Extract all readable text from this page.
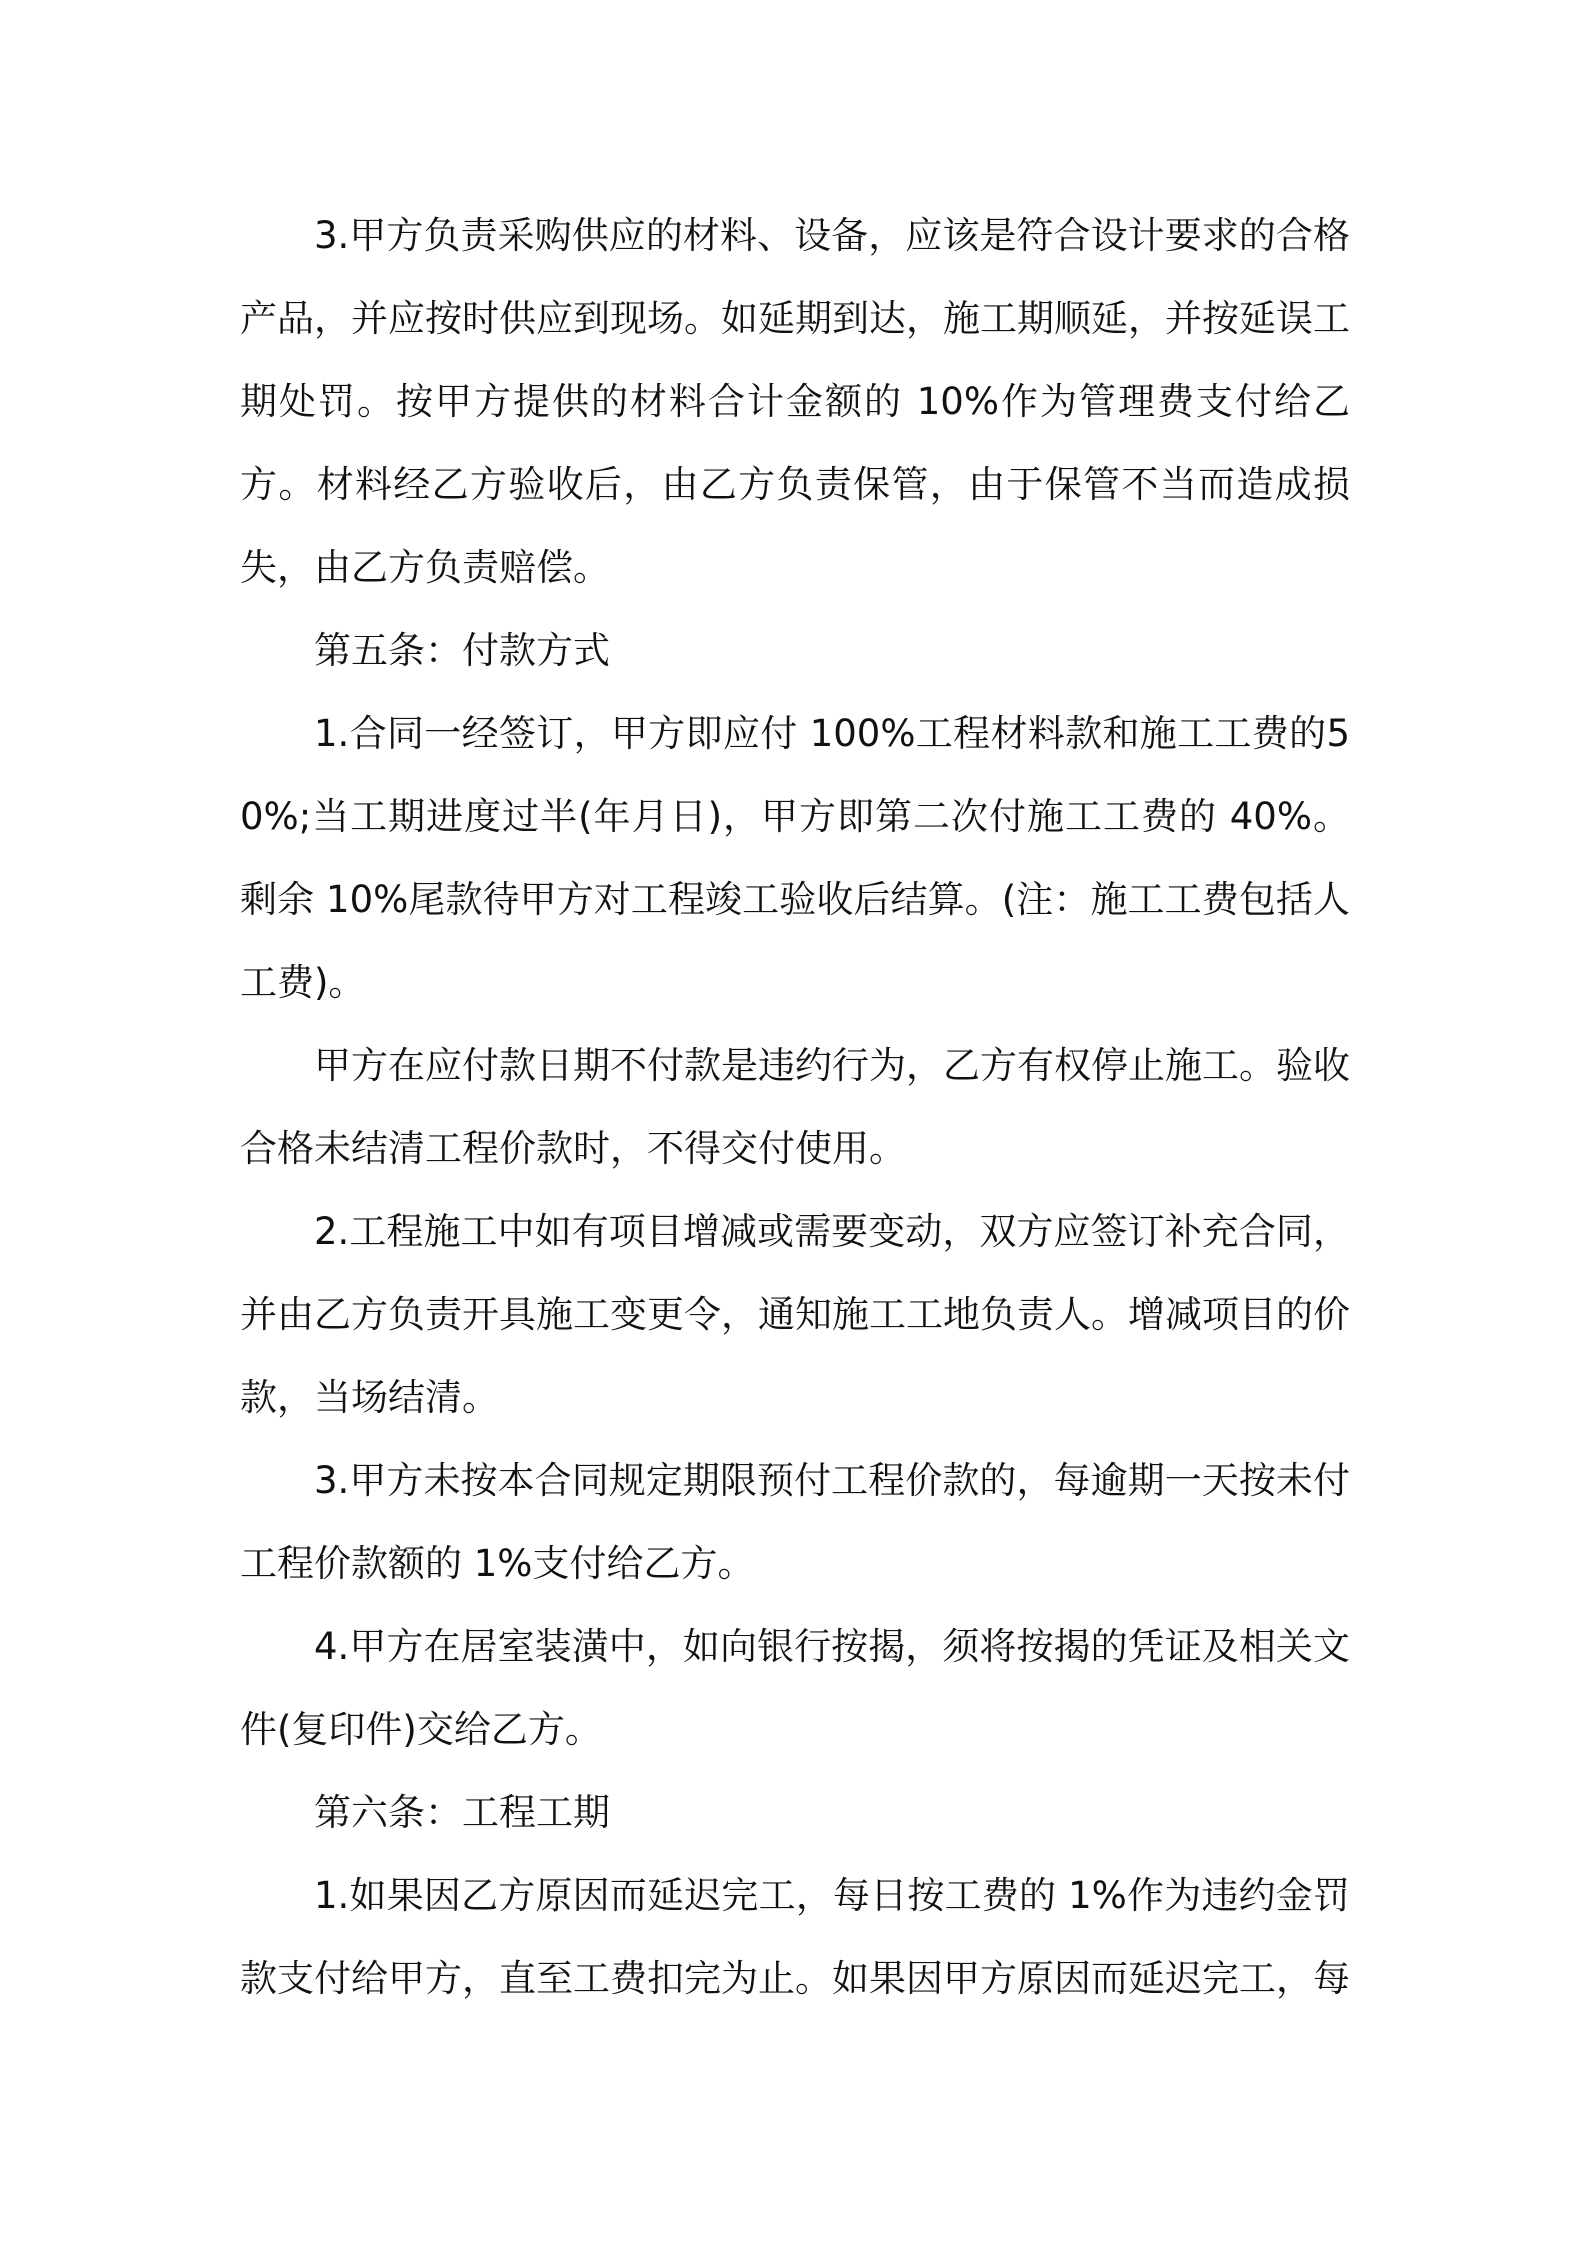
3.甲方负责采购供应的材料、设备，应该是符合设计要求的合格产品，并应按时供应到现场。如延期到达，施工期顺延，并按延误工期处罚。按甲方提供的材料合计金额的 10%作为管理费支付给乙方。材料经乙方验收后，由乙方负责保管，由于保管不当而造成损失，由乙方负责赔偿。

第五条：付款方式

1.合同一经签订，甲方即应付 100%工程材料款和施工工费的50%;当工期进度过半(年月日)，甲方即第二次付施工工费的 40%。剩余 10%尾款待甲方对工程竣工验收后结算。(注：施工工费包括人工费)。

甲方在应付款日期不付款是违约行为，乙方有权停止施工。验收合格未结清工程价款时，不得交付使用。

2.工程施工中如有项目增减或需要变动，双方应签订补充合同，并由乙方负责开具施工变更令，通知施工工地负责人。增减项目的价款，当场结清。

3.甲方未按本合同规定期限预付工程价款的，每逾期一天按未付工程价款额的 1%支付给乙方。

4.甲方在居室装潢中，如向银行按揭，须将按揭的凭证及相关文件(复印件)交给乙方。

第六条：工程工期

1.如果因乙方原因而延迟完工，每日按工费的 1%作为违约金罚款支付给甲方，直至工费扣完为止。如果因甲方原因而延迟完工，每
